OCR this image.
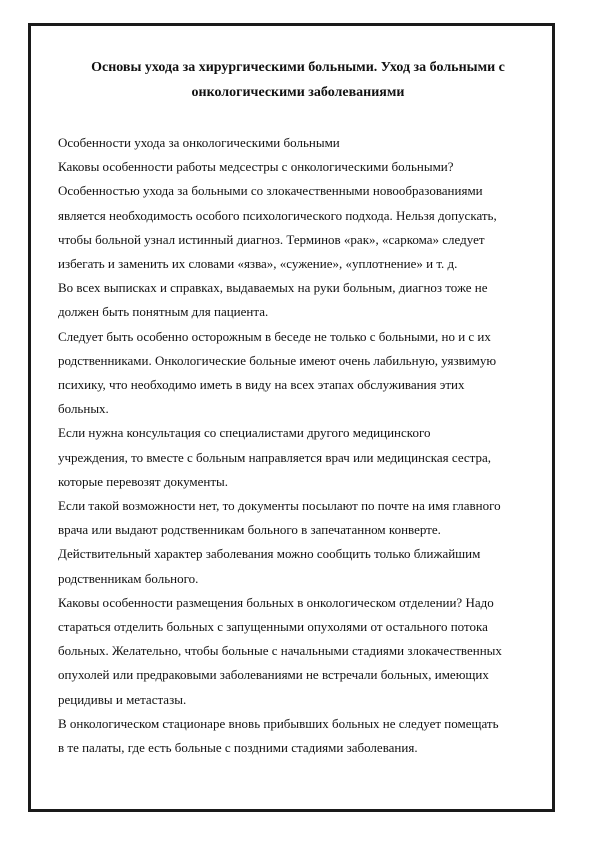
Основы ухода за хирургическими больными. Уход за больными с
онкологическими заболеваниями
Особенности ухода за онкологическими больными
Каковы особенности работы медсестры с онкологическими больными?
Особенностью ухода за больными со злокачественными новообразованиями
является необходимость особого психологического подхода. Нельзя допускать,
чтобы больной узнал истинный диагноз. Терминов «рак», «саркома» следует
избегать и заменить их словами «язва», «сужение», «уплотнение» и т. д.
Во всех выписках и справках, выдаваемых на руки больным, диагноз тоже не
должен быть понятным для пациента.
Следует быть особенно осторожным в беседе не только с больными, но и с их
родственниками. Онкологические больные имеют очень лабильную, уязвимую
психику, что необходимо иметь в виду на всех этапах обслуживания этих
больных.
Если нужна консультация со специалистами другого медицинского
учреждения, то вместе с больным направляется врач или медицинская сестра,
которые перевозят документы.
Если такой возможности нет, то документы посылают по почте на имя главного
врача или выдают родственникам больного в запечатанном конверте.
Действительный характер заболевания можно сообщить только ближайшим
родственникам больного.
Каковы особенности размещения больных в онкологическом отделении? Надо
стараться отделить больных с запущенными опухолями от остального потока
больных. Желательно, чтобы больные с начальными стадиями злокачественных
опухолей или предраковыми заболеваниями не встречали больных, имеющих
рецидивы и метастазы.
В онкологическом стационаре вновь прибывших больных не следует помещать
в те палаты, где есть больные с поздними стадиями заболевания.
